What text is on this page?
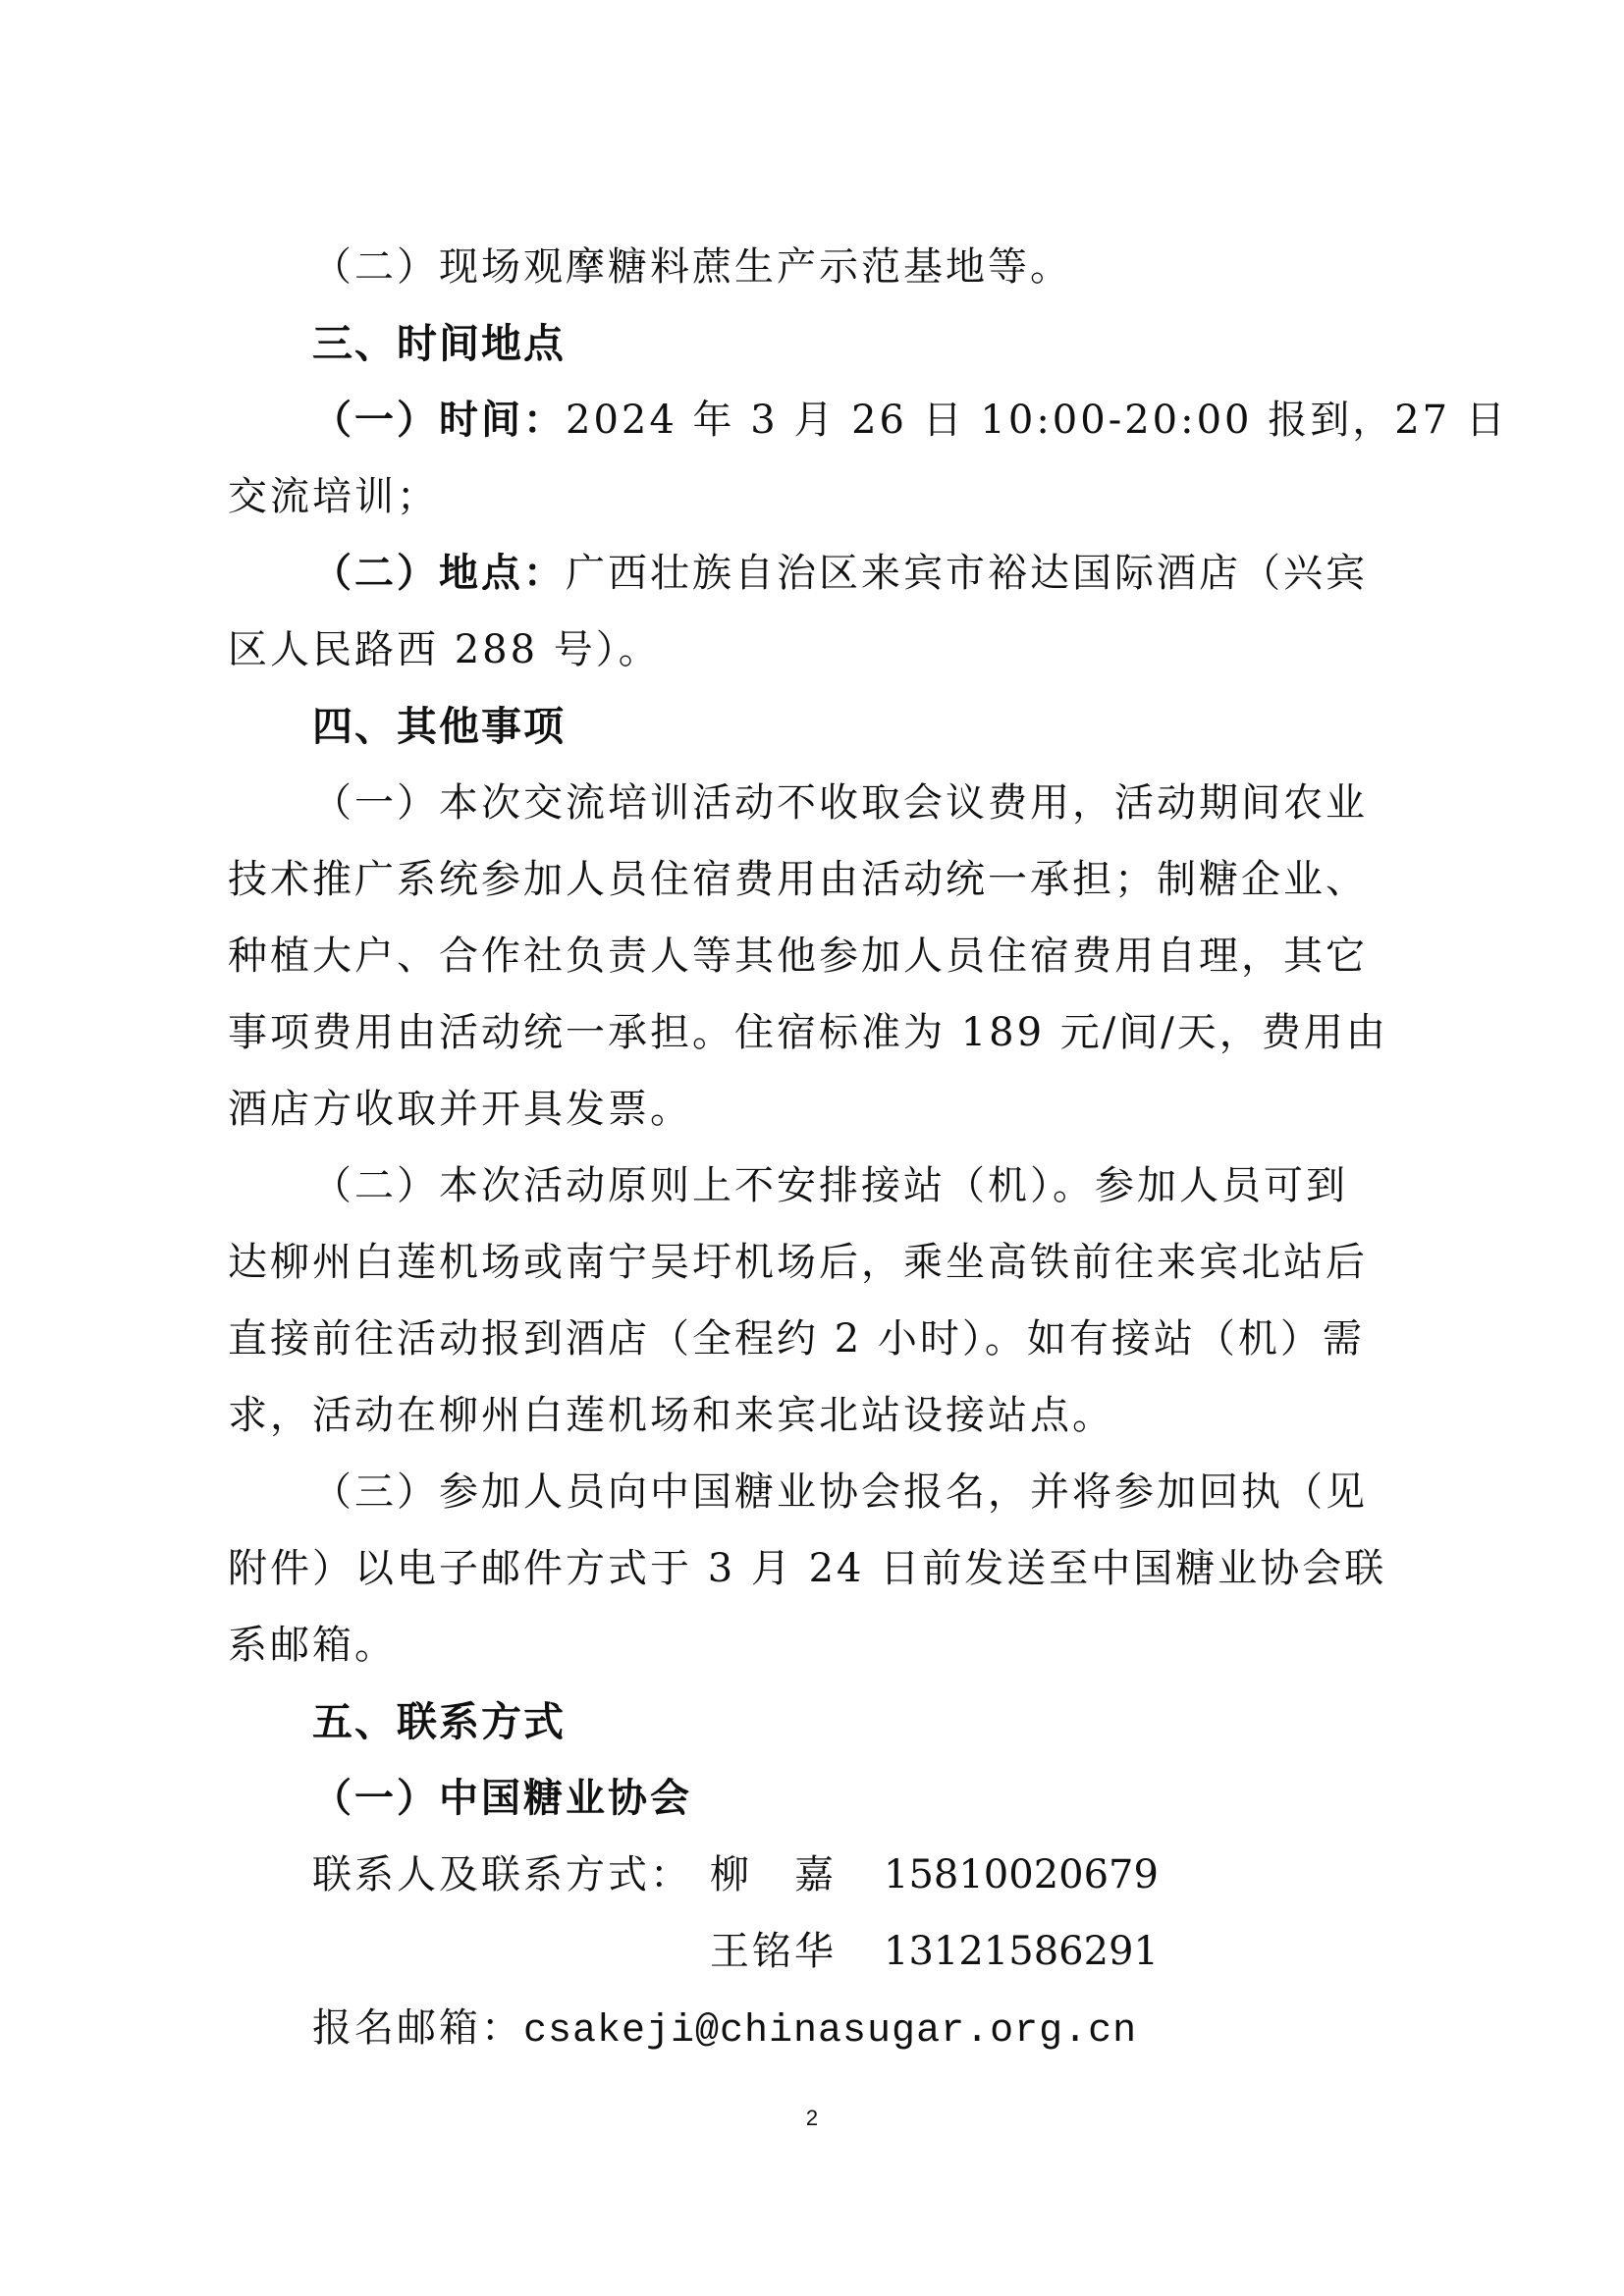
（二）现场观摩糖料蔗生产示范基地等。
三、时间地点
（一）时间：2024 年 3 月 26 日 10:00-20:00 报到，27 日
交流培训；
（二）地点：广西壮族自治区来宾市裕达国际酒店（兴宾
区人民路西 288 号）。
四、其他事项
（一）本次交流培训活动不收取会议费用，活动期间农业
技术推广系统参加人员住宿费用由活动统一承担；制糖企业、
种植大户、合作社负责人等其他参加人员住宿费用自理，其它
事项费用由活动统一承担。住宿标准为 189 元/间/天，费用由
酒店方收取并开具发票。
（二）本次活动原则上不安排接站（机）。参加人员可到
达柳州白莲机场或南宁吴圩机场后，乘坐高铁前往来宾北站后
直接前往活动报到酒店（全程约 2 小时）。如有接站（机）需
求，活动在柳州白莲机场和来宾北站设接站点。
（三）参加人员向中国糖业协会报名，并将参加回执（见
附件）以电子邮件方式于 3 月 24 日前发送至中国糖业协会联
系邮箱。
五、联系方式
（一）中国糖业协会
联系人及联系方式： 柳　嘉 15810020679
王铭华 13121586291
报名邮箱：csakeji@chinasugar.org.cn
2
